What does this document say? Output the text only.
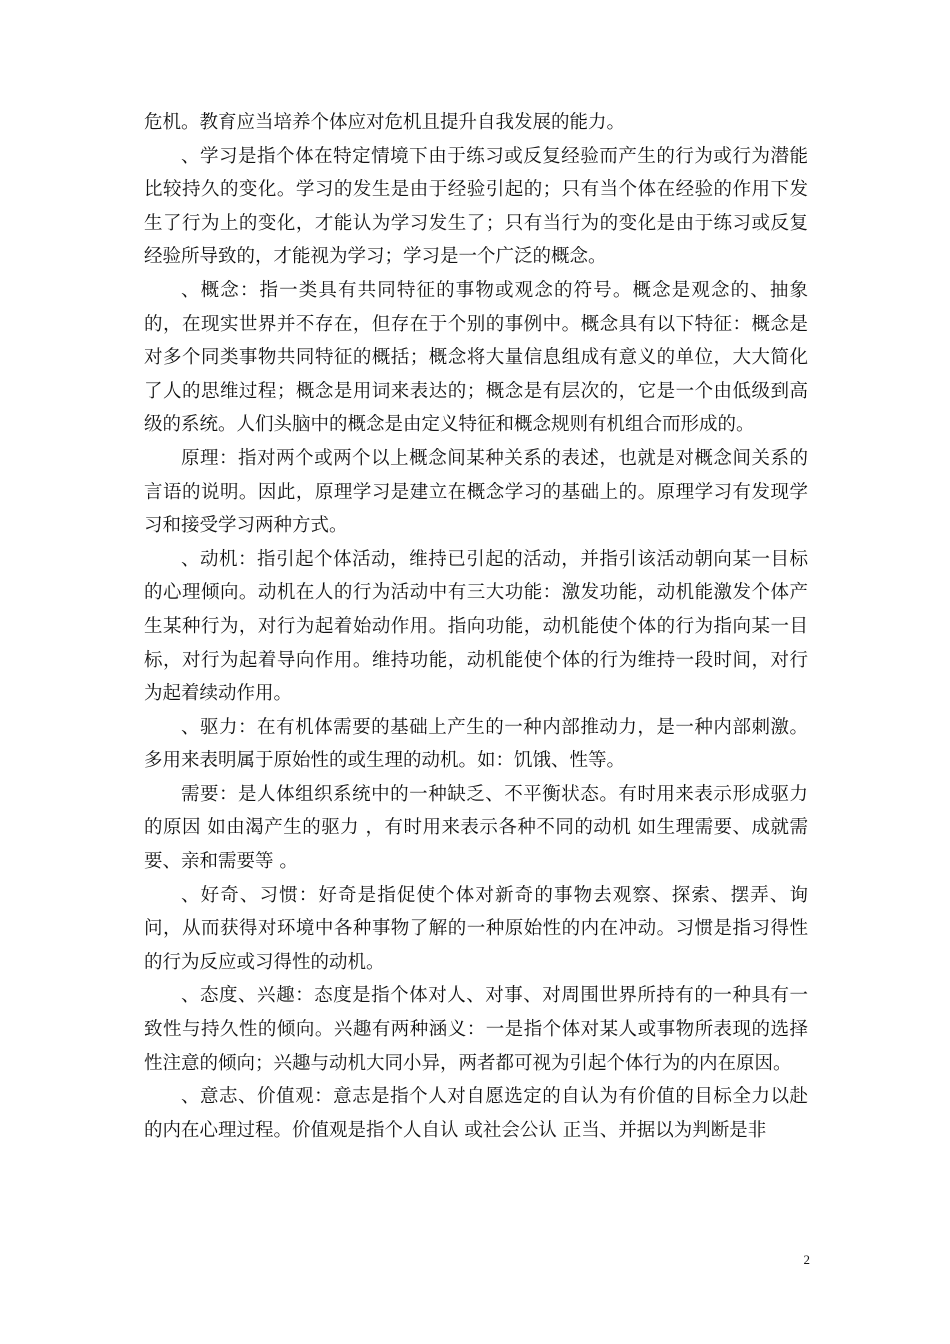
危机。教育应当培养个体应对危机且提升自我发展的能力。

、学习是指个体在特定情境下由于练习或反复经验而产生的行为或行为潜能比较持久的变化。学习的发生是由于经验引起的；只有当个体在经验的作用下发生了行为上的变化，才能认为学习发生了；只有当行为的变化是由于练习或反复经验所导致的，才能视为学习；学习是一个广泛的概念。

、概念：指一类具有共同特征的事物或观念的符号。概念是观念的、抽象的，在现实世界并不存在，但存在于个别的事例中。概念具有以下特征：概念是对多个同类事物共同特征的概括；概念将大量信息组成有意义的单位，大大简化了人的思维过程；概念是用词来表达的；概念是有层次的，它是一个由低级到高级的系统。人们头脑中的概念是由定义特征和概念规则有机组合而形成的。

原理：指对两个或两个以上概念间某种关系的表述，也就是对概念间关系的言语的说明。因此，原理学习是建立在概念学习的基础上的。原理学习有发现学习和接受学习两种方式。

、动机：指引起个体活动，维持已引起的活动，并指引该活动朝向某一目标的心理倾向。动机在人的行为活动中有三大功能：激发功能，动机能激发个体产生某种行为，对行为起着始动作用。指向功能，动机能使个体的行为指向某一目标，对行为起着导向作用。维持功能，动机能使个体的行为维持一段时间，对行为起着续动作用。

、驱力：在有机体需要的基础上产生的一种内部推动力，是一种内部刺激。多用来表明属于原始性的或生理的动机。如：饥饿、性等。

需要：是人体组织系统中的一种缺乏、不平衡状态。有时用来表示形成驱力的原因 如由渴产生的驱力 ，有时用来表示各种不同的动机 如生理需要、成就需要、亲和需要等 。

、好奇、习惯：好奇是指促使个体对新奇的事物去观察、探索、摆弄、询问，从而获得对环境中各种事物了解的一种原始性的内在冲动。习惯是指习得性的行为反应或习得性的动机。

、态度、兴趣：态度是指个体对人、对事、对周围世界所持有的一种具有一致性与持久性的倾向。兴趣有两种涵义：一是指个体对某人或事物所表现的选择性注意的倾向；兴趣与动机大同小异，两者都可视为引起个体行为的内在原因。

、意志、价值观：意志是指个人对自愿选定的自认为有价值的目标全力以赴的内在心理过程。价值观是指个人自认 或社会公认 正当、并据以为判断是非

2
